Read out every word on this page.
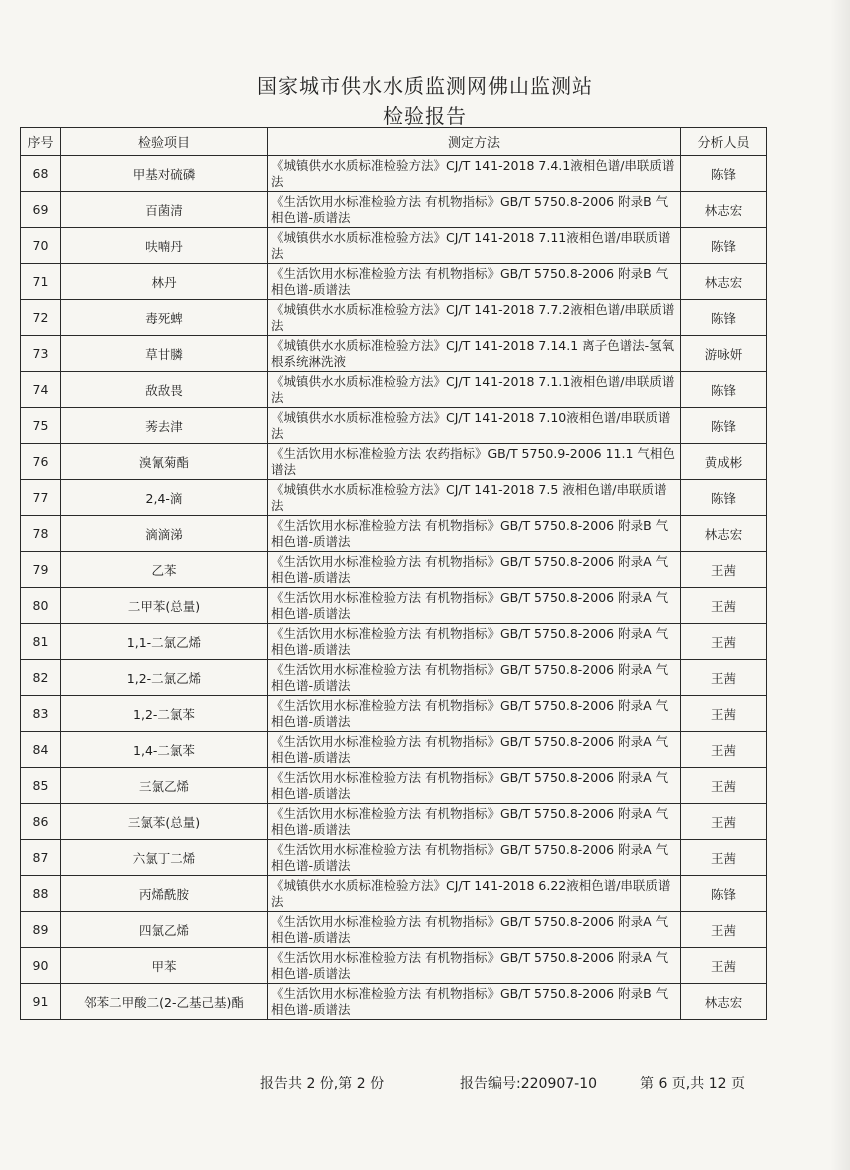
国家城市供水水质监测网佛山监测站
检验报告
序号	检验项目	测定方法	分析人员
68	甲基对硫磷	《城镇供水水质标准检验方法》CJ/T 141-2018 7.4.1液相色谱/串联质谱法	陈锋
69	百菌清	《生活饮用水标准检验方法 有机物指标》GB/T 5750.8-2006 附录B 气相色谱-质谱法	林志宏
70	呋喃丹	《城镇供水水质标准检验方法》CJ/T 141-2018 7.11液相色谱/串联质谱法	陈锋
71	林丹	《生活饮用水标准检验方法 有机物指标》GB/T 5750.8-2006 附录B 气相色谱-质谱法	林志宏
72	毒死蜱	《城镇供水水质标准检验方法》CJ/T 141-2018 7.7.2液相色谱/串联质谱法	陈锋
73	草甘膦	《城镇供水水质标准检验方法》CJ/T 141-2018 7.14.1 离子色谱法-氢氧根系统淋洗液	游咏妍
74	敌敌畏	《城镇供水水质标准检验方法》CJ/T 141-2018 7.1.1液相色谱/串联质谱法	陈锋
75	莠去津	《城镇供水水质标准检验方法》CJ/T 141-2018 7.10液相色谱/串联质谱法	陈锋
76	溴氰菊酯	《生活饮用水标准检验方法 农药指标》GB/T 5750.9-2006 11.1 气相色谱法	黄成彬
77	2,4-滴	《城镇供水水质标准检验方法》CJ/T 141-2018 7.5 液相色谱/串联质谱法	陈锋
78	滴滴涕	《生活饮用水标准检验方法 有机物指标》GB/T 5750.8-2006 附录B 气相色谱-质谱法	林志宏
79	乙苯	《生活饮用水标准检验方法 有机物指标》GB/T 5750.8-2006 附录A 气相色谱-质谱法	王茜
80	二甲苯(总量)	《生活饮用水标准检验方法 有机物指标》GB/T 5750.8-2006 附录A 气相色谱-质谱法	王茜
81	1,1-二氯乙烯	《生活饮用水标准检验方法 有机物指标》GB/T 5750.8-2006 附录A 气相色谱-质谱法	王茜
82	1,2-二氯乙烯	《生活饮用水标准检验方法 有机物指标》GB/T 5750.8-2006 附录A 气相色谱-质谱法	王茜
83	1,2-二氯苯	《生活饮用水标准检验方法 有机物指标》GB/T 5750.8-2006 附录A 气相色谱-质谱法	王茜
84	1,4-二氯苯	《生活饮用水标准检验方法 有机物指标》GB/T 5750.8-2006 附录A 气相色谱-质谱法	王茜
85	三氯乙烯	《生活饮用水标准检验方法 有机物指标》GB/T 5750.8-2006 附录A 气相色谱-质谱法	王茜
86	三氯苯(总量)	《生活饮用水标准检验方法 有机物指标》GB/T 5750.8-2006 附录A 气相色谱-质谱法	王茜
87	六氯丁二烯	《生活饮用水标准检验方法 有机物指标》GB/T 5750.8-2006 附录A 气相色谱-质谱法	王茜
88	丙烯酰胺	《城镇供水水质标准检验方法》CJ/T 141-2018 6.22液相色谱/串联质谱法	陈锋
89	四氯乙烯	《生活饮用水标准检验方法 有机物指标》GB/T 5750.8-2006 附录A 气相色谱-质谱法	王茜
90	甲苯	《生活饮用水标准检验方法 有机物指标》GB/T 5750.8-2006 附录A 气相色谱-质谱法	王茜
91	邻苯二甲酸二(2-乙基己基)酯	《生活饮用水标准检验方法 有机物指标》GB/T 5750.8-2006 附录B 气相色谱-质谱法	林志宏
报告共 2 份,第 2 份	报告编号:220907-10	第 6 页,共 12 页
